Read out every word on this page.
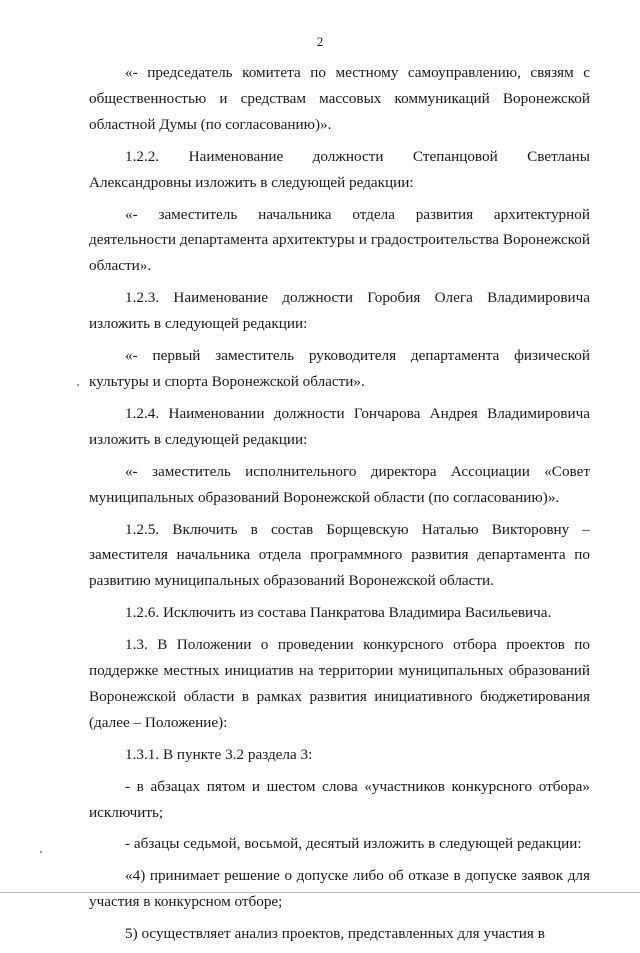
2

«- председатель комитета по местному самоуправлению, связям с общественностью и средствам массовых коммуникаций Воронежской областной Думы (по согласованию)».

1.2.2. Наименование должности Степанцовой Светланы Александровны изложить в следующей редакции:

«- заместитель начальника отдела развития архитектурной деятельности департамента архитектуры и градостроительства Воронежской области».

1.2.3. Наименование должности Горобия Олега Владимировича изложить в следующей редакции:

«- первый заместитель руководителя департамента физической культуры и спорта Воронежской области».

1.2.4. Наименовании должности Гончарова Андрея Владимировича изложить в следующей редакции:

«- заместитель исполнительного директора Ассоциации «Совет муниципальных образований Воронежской области (по согласованию)».

1.2.5. Включить в состав Борщевскую Наталью Викторовну – заместителя начальника отдела программного развития департамента по развитию муниципальных образований Воронежской области.

1.2.6. Исключить из состава Панкратова Владимира Васильевича.

1.3. В Положении о проведении конкурсного отбора проектов по поддержке местных инициатив на территории муниципальных образований Воронежской области в рамках развития инициативного бюджетирования (далее – Положение):

1.3.1. В пункте 3.2 раздела 3:

- в абзацах пятом и шестом слова «участников конкурсного отбора» исключить;

- абзацы седьмой, восьмой, десятый изложить в следующей редакции:

«4) принимает решение о допуске либо об отказе в допуске заявок для участия в конкурсном отборе;

5) осуществляет анализ проектов, представленных для участия в
